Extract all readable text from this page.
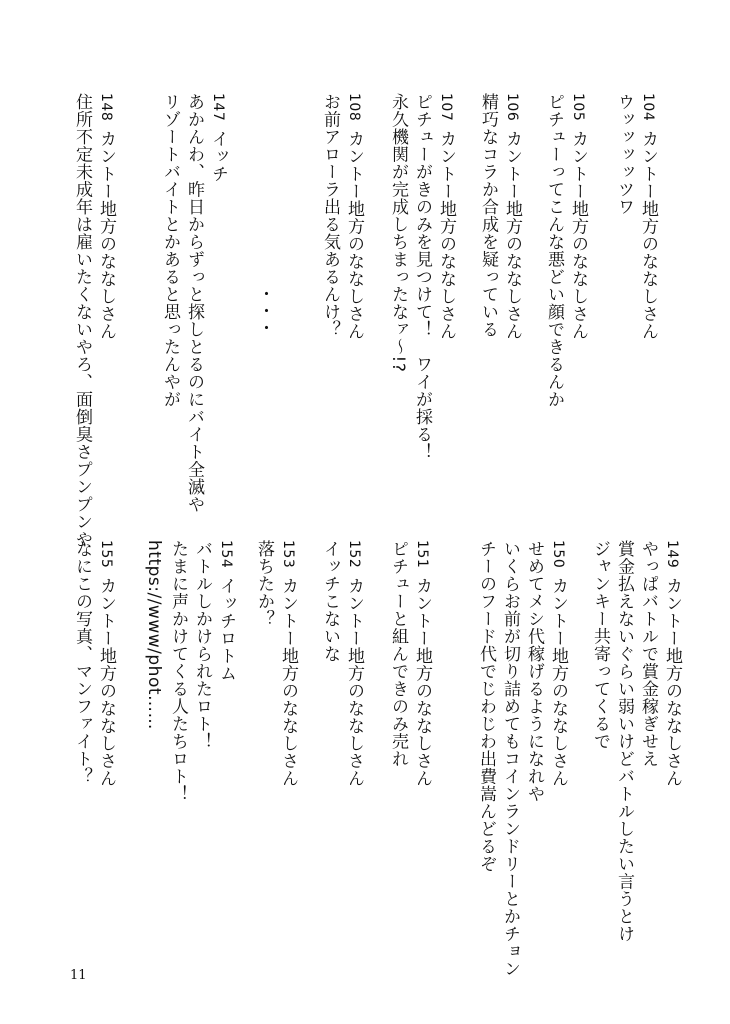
104 カントー地方のななしさん
ウッッッッツワ
105 カントー地方のななしさん
ピチューってこんな悪どい顔できるんか
106 カントー地方のななしさん
精巧なコラか合成を疑っている
107 カントー地方のななしさん
ピチューがきのみを見つけて！　ワイが採る！
永久機関が完成しちまったなァ〜!?
108 カントー地方のななしさん
お前アローラ出る気あるんけ？
・・・
147 イッチ
あかんわ、昨日からずっと探しとるのにバイト全滅や
リゾートバイトとかあると思ったんやが
148 カントー地方のななしさん
住所不定未成年は雇いたくないやろ、面倒臭さプンプンや
149 カントー地方のななしさん
やっぱバトルで賞金稼ぎせえ
賞金払えないぐらい弱いけどバトルしたい言うとけ
ジャンキー共寄ってくるで
150 カントー地方のななしさん
せめてメシ代稼げるようになれや
いくらお前が切り詰めてもコインランドリーとかチョン
チーのフード代でじわじわ出費嵩んどるぞ
151 カントー地方のななしさん
ピチューと組んできのみ売れ
152 カントー地方のななしさん
イッチこないな
153 カントー地方のななしさん
落ちたか？
154 イッチロトム
バトルしかけられたロト！
たまに声かけてくる人たちロト！
https://www/phot……
155 カントー地方のななしさん
なにこの写真、マンファイト？
11
